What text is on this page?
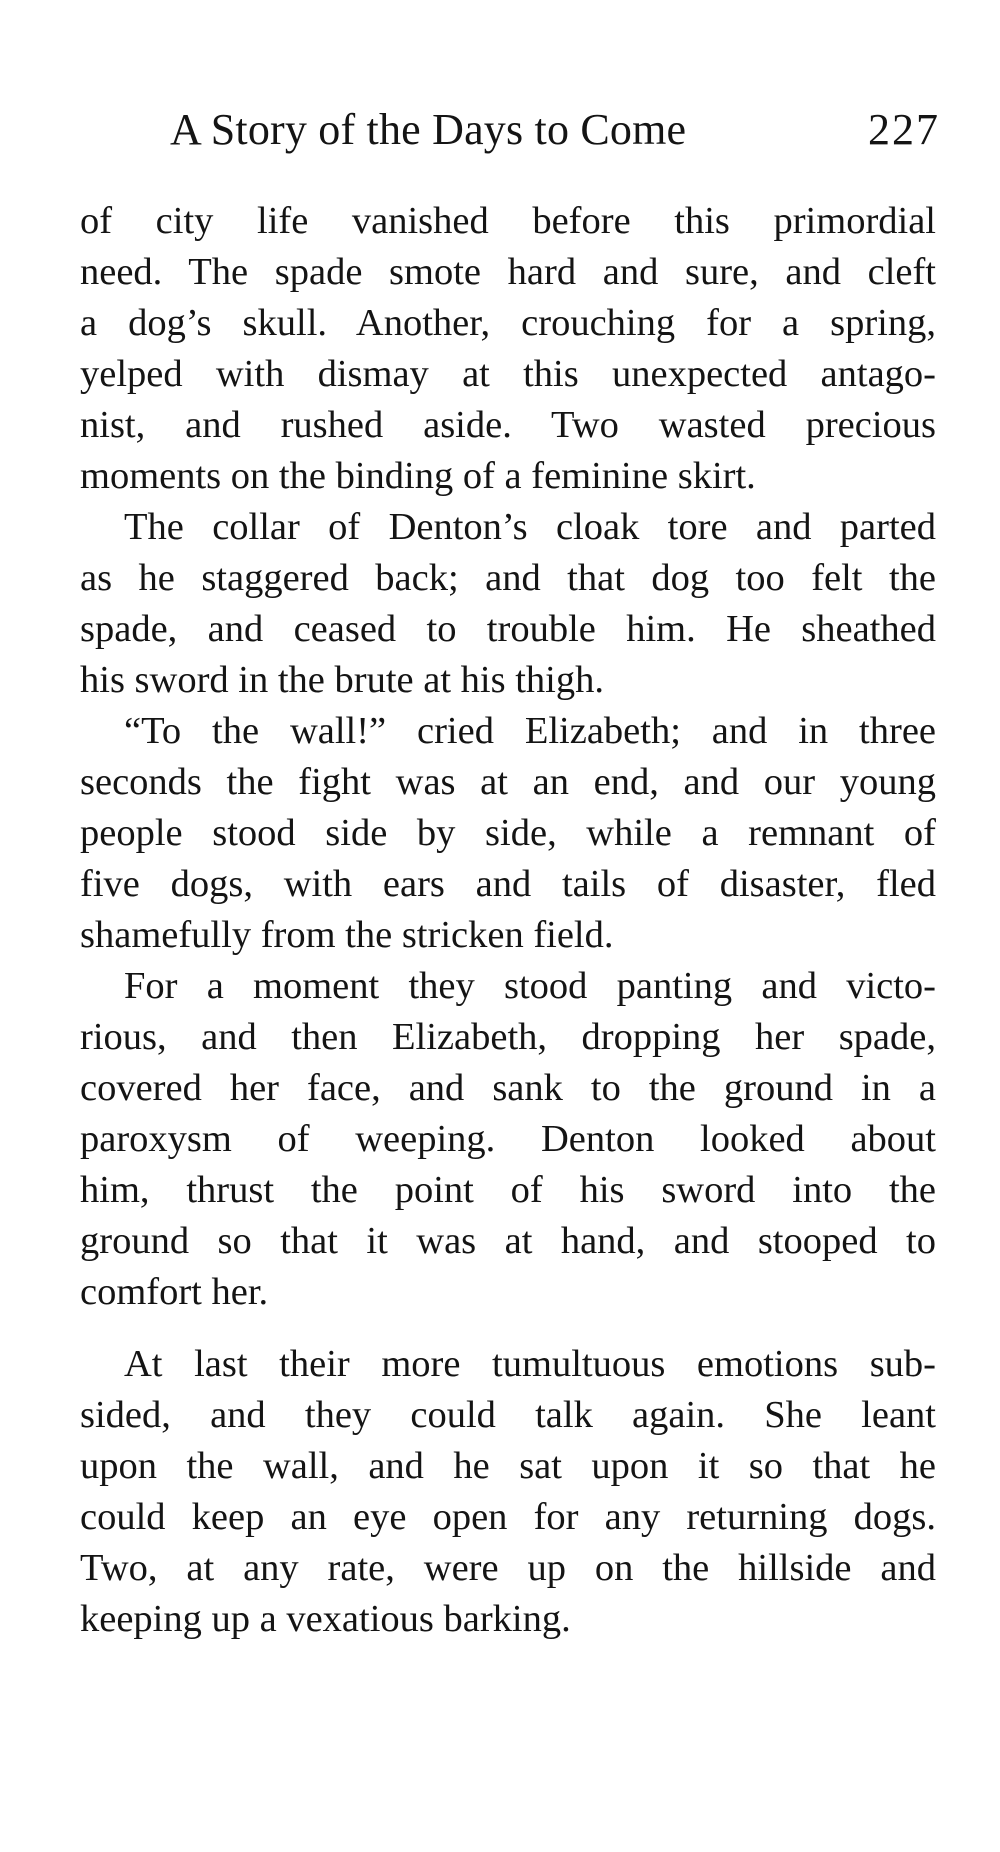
A Story of the Days to Come	227

of city life vanished before this primordial
need. The spade smote hard and sure, and cleft
a dog’s skull. Another, crouching for a spring,
yelped with dismay at this unexpected antago-
nist, and rushed aside. Two wasted precious
moments on the binding of a feminine skirt.

The collar of Denton’s cloak tore and parted
as he staggered back; and that dog too felt the
spade, and ceased to trouble him. He sheathed
his sword in the brute at his thigh.

“To the wall!” cried Elizabeth; and in three
seconds the fight was at an end, and our young
people stood side by side, while a remnant of
five dogs, with ears and tails of disaster, fled
shamefully from the stricken field.

For a moment they stood panting and victo-
rious, and then Elizabeth, dropping her spade,
covered her face, and sank to the ground in a
paroxysm of weeping. Denton looked about
him, thrust the point of his sword into the
ground so that it was at hand, and stooped to
comfort her.

At last their more tumultuous emotions sub-
sided, and they could talk again. She leant
upon the wall, and he sat upon it so that he
could keep an eye open for any returning dogs.
Two, at any rate, were up on the hillside and
keeping up a vexatious barking.
